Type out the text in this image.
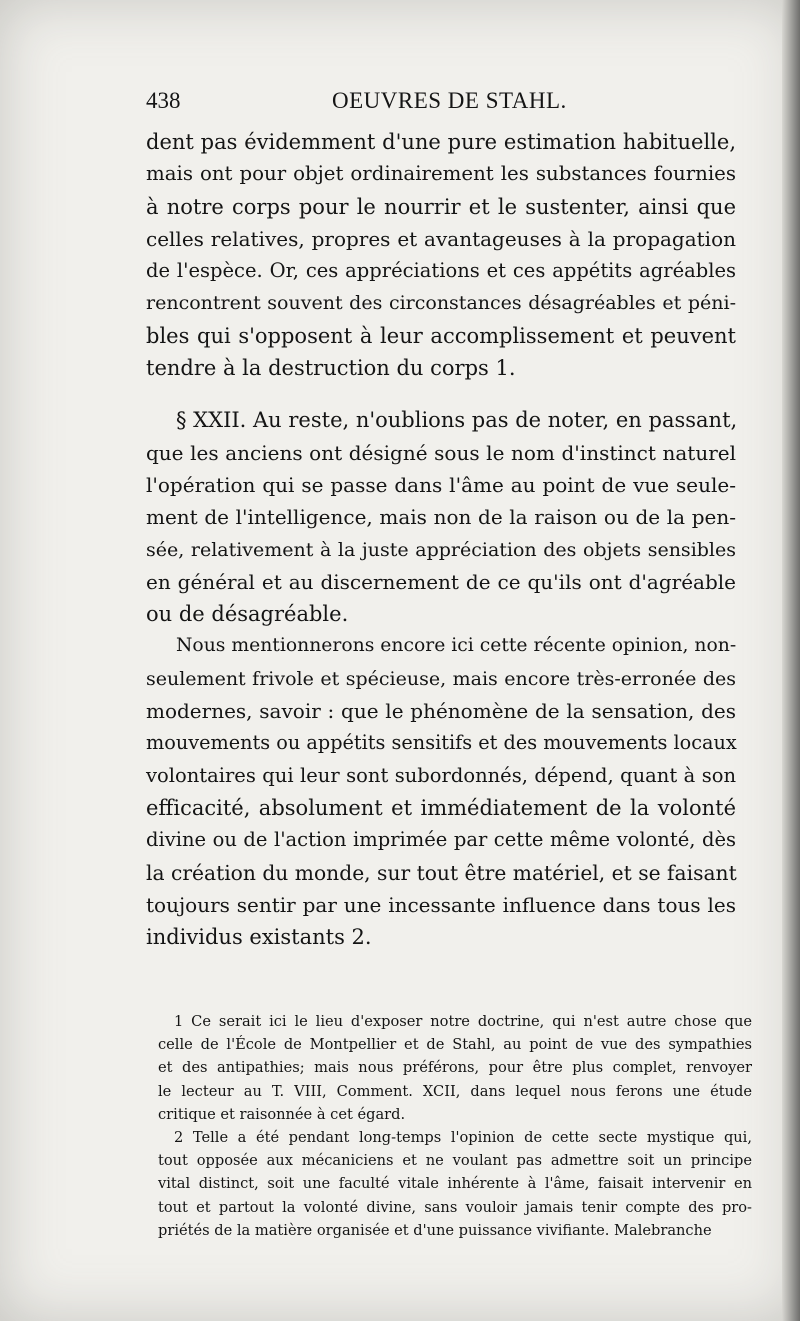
438	OEUVRES DE STAHL.
dent pas évidemment d'une pure estimation habituelle,
mais ont pour objet ordinairement les substances fournies
à notre corps pour le nourrir et le sustenter, ainsi que
celles relatives, propres et avantageuses à la propagation
de l'espèce. Or, ces appréciations et ces appétits agréables
rencontrent souvent des circonstances désagréables et péni-
bles qui s'opposent à leur accomplissement et peuvent
tendre à la destruction du corps 1.
§ XXII. Au reste, n'oublions pas de noter, en passant,
que les anciens ont désigné sous le nom d'instinct naturel
l'opération qui se passe dans l'âme au point de vue seule-
ment de l'intelligence, mais non de la raison ou de la pen-
sée, relativement à la juste appréciation des objets sensibles
en général et au discernement de ce qu'ils ont d'agréable
ou de désagréable.
Nous mentionnerons encore ici cette récente opinion, non-
seulement frivole et spécieuse, mais encore très-erronée des
modernes, savoir : que le phénomène de la sensation, des
mouvements ou appétits sensitifs et des mouvements locaux
volontaires qui leur sont subordonnés, dépend, quant à son
efficacité, absolument et immédiatement de la volonté
divine ou de l'action imprimée par cette même volonté, dès
la création du monde, sur tout être matériel, et se faisant
toujours sentir par une incessante influence dans tous les
individus existants 2.
1 Ce serait ici le lieu d'exposer notre doctrine, qui n'est autre chose que
celle de l'École de Montpellier et de Stahl, au point de vue des sympathies
et des antipathies; mais nous préférons, pour être plus complet, renvoyer
le lecteur au T. VIII, Comment. XCII, dans lequel nous ferons une étude
critique et raisonnée à cet égard.
2 Telle a été pendant long-temps l'opinion de cette secte mystique qui,
tout opposée aux mécaniciens et ne voulant pas admettre soit un principe
vital distinct, soit une faculté vitale inhérente à l'âme, faisait intervenir en
tout et partout la volonté divine, sans vouloir jamais tenir compte des pro-
priétés de la matière organisée et d'une puissance vivifiante. Malebranche
